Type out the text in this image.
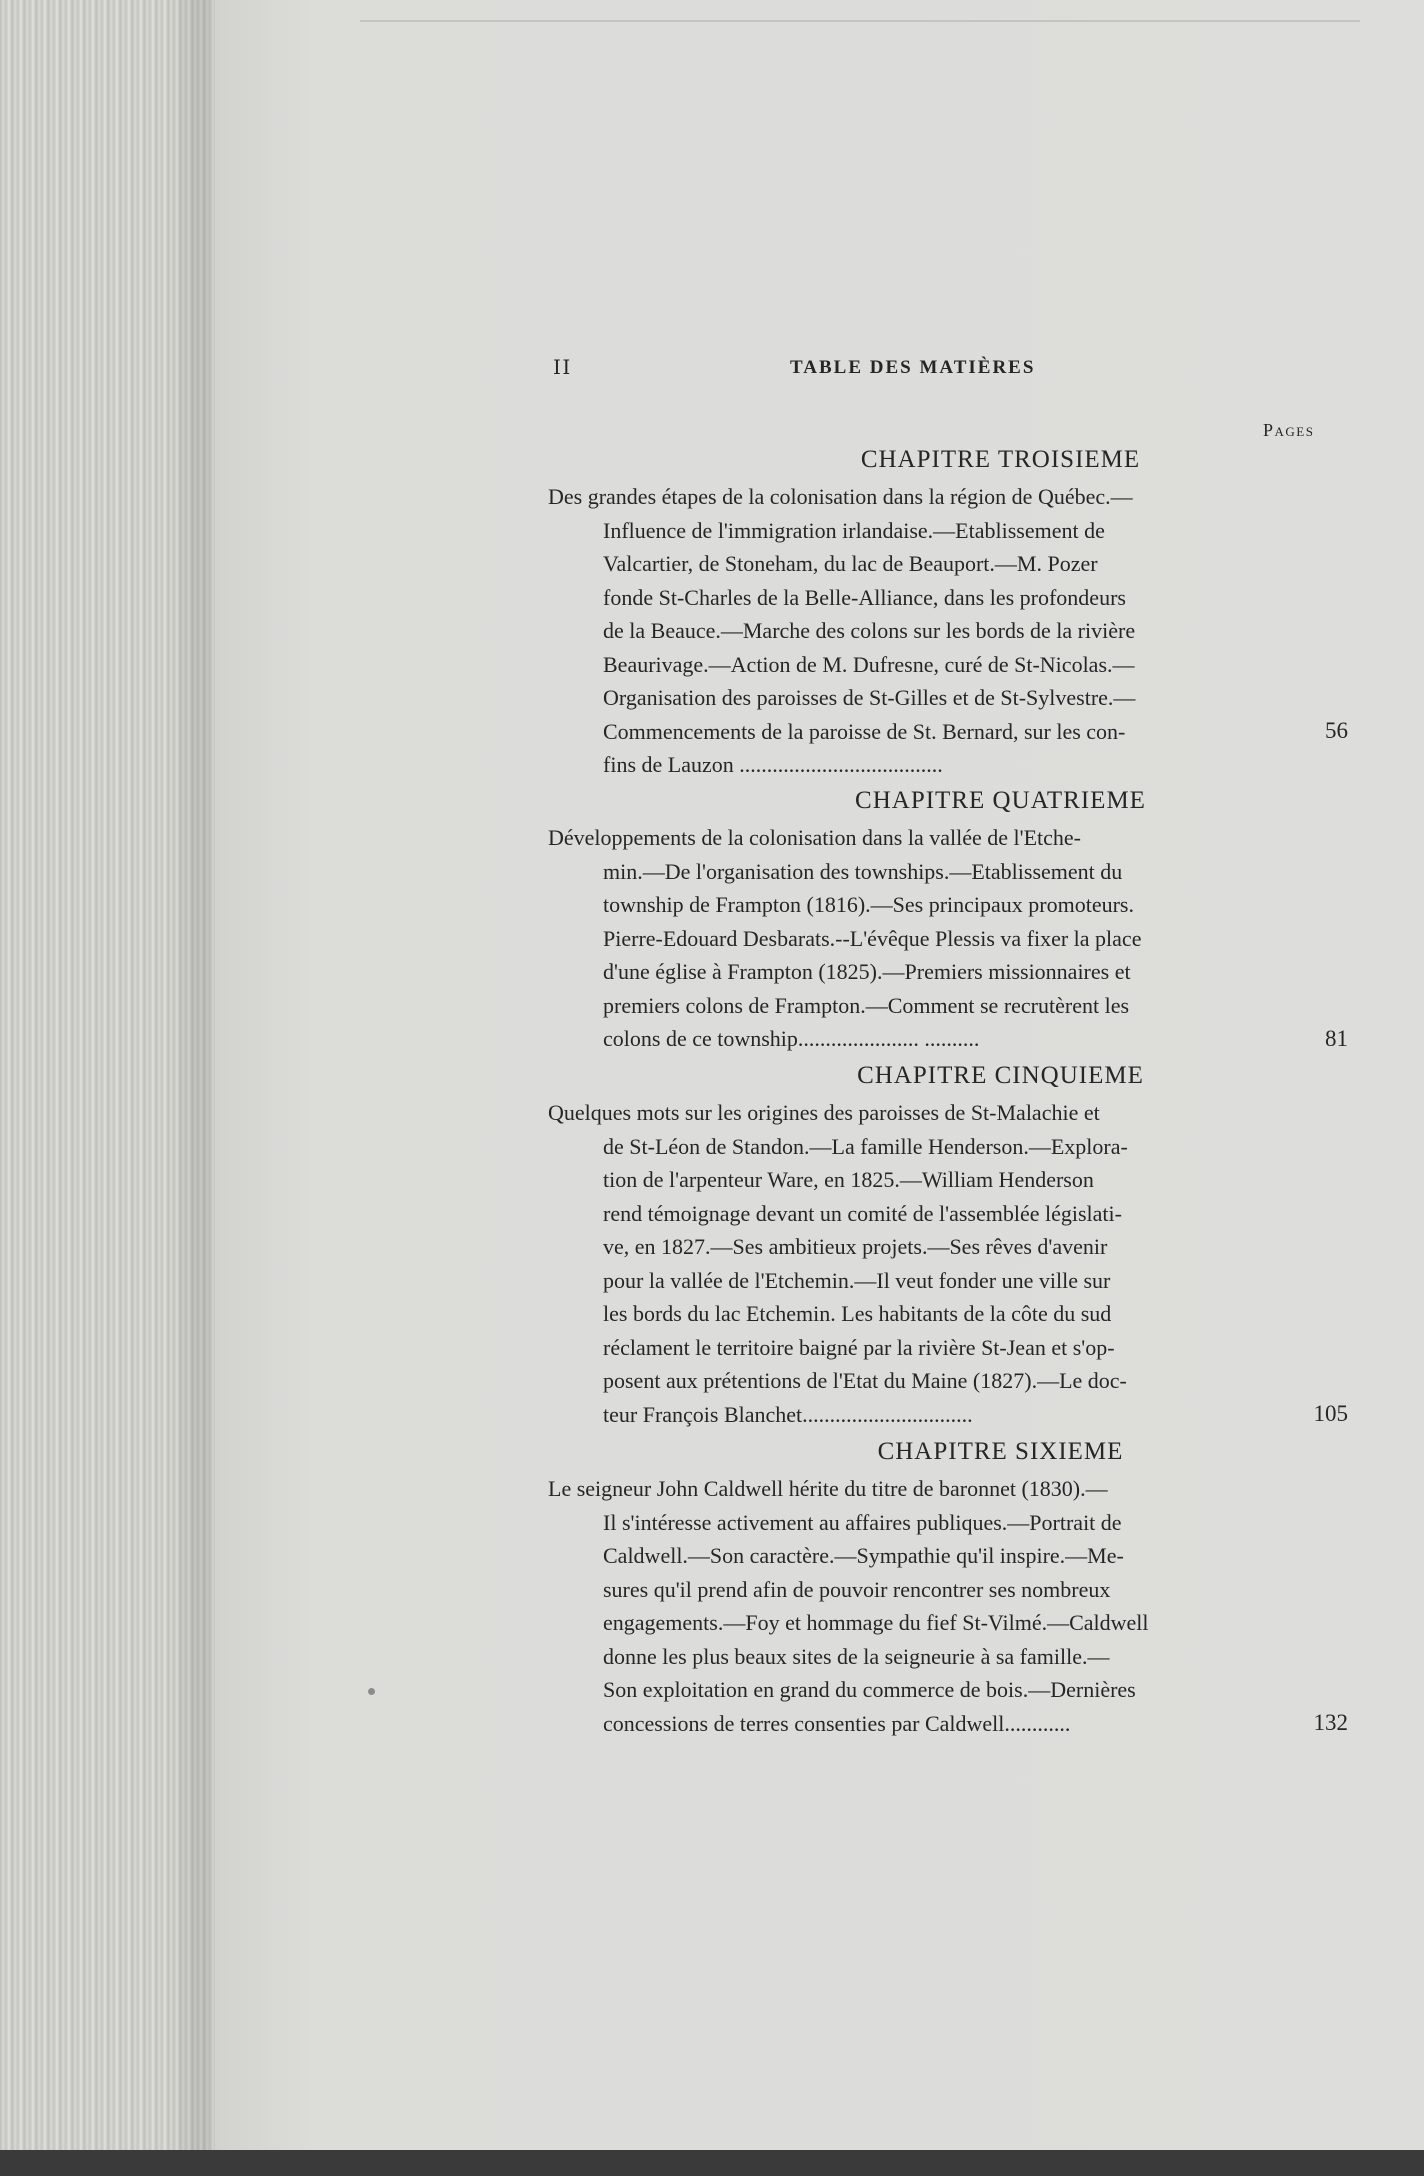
II	TABLE DES MATIÈRES
Pages
CHAPITRE TROISIEME
Des grandes étapes de la colonisation dans la région de Québec.—
Influence de l'immigration irlandaise.—Etablissement de
Valcartier, de Stoneham, du lac de Beauport.—M. Pozer
fonde St-Charles de la Belle-Alliance, dans les profondeurs
de la Beauce.—Marche des colons sur les bords de la rivière
Beaurivage.—Action de M. Dufresne, curé de St-Nicolas.—
Organisation des paroisses de St-Gilles et de St-Sylvestre.—
Commencements de la paroisse de St. Bernard, sur les con-
fins de Lauzon .....................................
56
CHAPITRE QUATRIEME
Développements de la colonisation dans la vallée de l'Etche-
min.—De l'organisation des townships.—Etablissement du
township de Frampton (1816).—Ses principaux promoteurs.
Pierre-Edouard Desbarats.--L'évêque Plessis va fixer la place
d'une église à Frampton (1825).—Premiers missionnaires et
premiers colons de Frampton.—Comment se recrutèrent les
colons de ce township...................... ..........	81
CHAPITRE CINQUIEME
Quelques mots sur les origines des paroisses de St-Malachie et
de St-Léon de Standon.—La famille Henderson.—Explora-
tion de l'arpenteur Ware, en 1825.—William Henderson
rend témoignage devant un comité de l'assemblée législati-
ve, en 1827.—Ses ambitieux projets.—Ses rêves d'avenir
pour la vallée de l'Etchemin.—Il veut fonder une ville sur
les bords du lac Etchemin. Les habitants de la côte du sud
réclament le territoire baigné par la rivière St-Jean et s'op-
posent aux prétentions de l'Etat du Maine (1827).—Le doc-
teur François Blanchet...............................	105
CHAPITRE SIXIEME
Le seigneur John Caldwell hérite du titre de baronnet (1830).—
Il s'intéresse activement au affaires publiques.—Portrait de
Caldwell.—Son caractère.—Sympathie qu'il inspire.—Me-
sures qu'il prend afin de pouvoir rencontrer ses nombreux
engagements.—Foy et hommage du fief St-Vilmé.—Caldwell
donne les plus beaux sites de la seigneurie à sa famille.—
Son exploitation en grand du commerce de bois.—Dernières
concessions de terres consenties par Caldwell............	132
